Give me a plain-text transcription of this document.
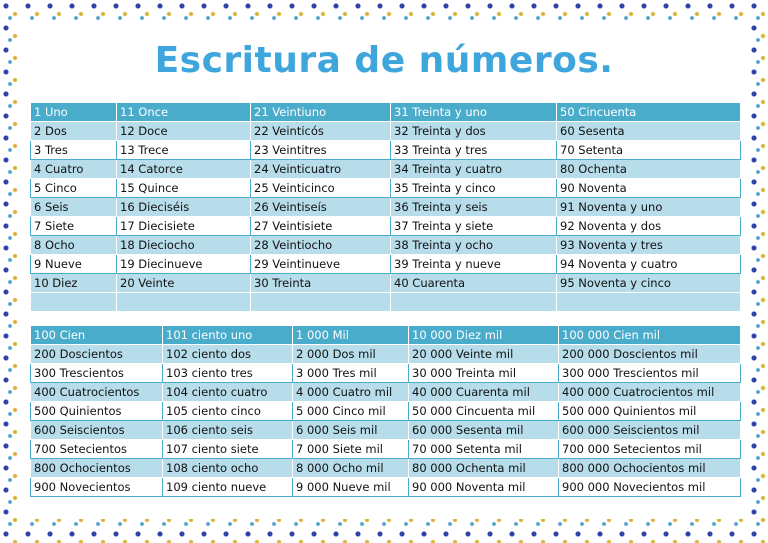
Escritura de números.
1 Uno	11 Once	21 Veintiuno	31 Treinta y uno	50 Cincuenta
2 Dos	12 Doce	22 Veinticós	32 Treinta y dos	60 Sesenta
3 Tres	13 Trece	23 Veintitres	33 Treinta y tres	70 Setenta
4 Cuatro	14 Catorce	24 Veinticuatro	34 Treinta y cuatro	80 Ochenta
5 Cinco	15 Quince	25 Veinticinco	35 Treinta y cinco	90 Noventa
6 Seis	16 Dieciséis	26 Veintiseís	36 Treinta y seis	91 Noventa y uno
7 Siete	17 Diecisiete	27 Veintisiete	37 Treinta y siete	92 Noventa y dos
8 Ocho	18 Dieciocho	28 Veintiocho	38 Treinta y ocho	93 Noventa y tres
9 Nueve	19 Diecinueve	29 Veintinueve	39 Treinta y nueve	94 Noventa y cuatro
10 Diez	20 Veinte	30 Treinta	40 Cuarenta	95 Noventa y cinco

100 Cien	101 ciento uno	1 000 Mil	10 000 Diez mil	100 000 Cien mil
200 Doscientos	102 ciento dos	2 000 Dos mil	20 000 Veinte mil	200 000 Doscientos mil
300 Trescientos	103 ciento tres	3 000 Tres mil	30 000 Treinta mil	300 000 Trescientos mil
400 Cuatrocientos	104 ciento cuatro	4 000 Cuatro mil	40 000 Cuarenta mil	400 000 Cuatrocientos mil
500 Quinientos	105 ciento cinco	5 000 Cinco mil	50 000 Cincuenta mil	500 000 Quinientos mil
600 Seiscientos	106 ciento seis	6 000 Seis mil	60 000 Sesenta mil	600 000 Seiscientos mil
700 Setecientos	107 ciento siete	7 000 Siete mil	70 000 Setenta mil	700 000 Setecientos mil
800 Ochocientos	108 ciento ocho	8 000 Ocho mil	80 000 Ochenta mil	800 000 Ochocientos mil
900 Novecientos	109 ciento nueve	9 000 Nueve mil	90 000 Noventa mil	900 000 Novecientos mil
